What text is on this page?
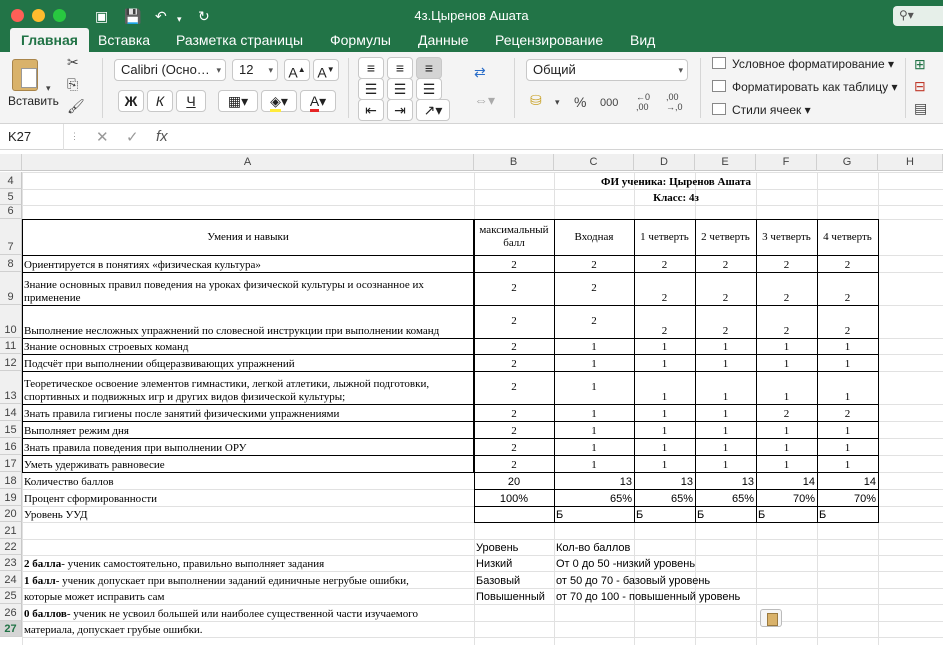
▣ 💾 ↶ ▾ ↻	4з.Цыренов Ашата	⚲▾
Главная	Вставка Разметка страницы Формулы Данные Рецензирование Вид
▾
Вставить
✂
⎘
🖌
Calibri (Осно… ▾	12 ▾	A▲ A▼
Ж	К	Ч	▦▾	◈▾	A▾
≡	≡	≡
☰	☰	☰
⇤	⇥	↗▾
⇄
⇔▾
Общий	▾
⛁ ▾ % 000 ←0
,00
,00
→,0
Условное форматирование ▾
Форматировать как таблицу ▾
Стили ячеек ▾
⊞
⊟
▤
K27	⋮ ✕ ✓ fx
A	B	C	D	E	F	G	H
4
5
6
7
8
9
10
11
12
13
14
15
16
17
18
19
20
21
22
23
24
25
26
27
ФИ ученика: Цыренов Ашата
Класс: 4з
Умения и навыки
максимальный балл
Входная	1 четверть	2 четверть	3 четверть	4 четверть
Ориентируется в понятиях «физическая культура»	2	2	2	2	2	2
Знание основных правил поведения на уроках физической культуры и осознанное их применение
2	2
2	2	2	2
Выполнение несложных упражнений по словесной инструкции при выполнении команд
2	2
2	2	2	2
Знание основных строевых команд	2	1	1	1	1	1
Подсчёт при выполнении общеразвивающих упражнений	2	1	1	1	1	1
Теоретическое освоение элементов гимнастики, легкой атлетики, лыжной подготовки, спортивных и подвижных игр и других видов физической культуры;
2	1
1	1	1	1
Знать правила гигиены после занятий физическими упражнениями	2	1	1	1	2	2
Выполняет режим дня	2	1	1	1	1	1
Знать правила поведения при выполнении ОРУ	2	1	1	1	1	1
Уметь удерживать равновесие	2	1	1	1	1	1
Количество баллов
Процент сформированности
Уровень УУД
20
100%
13
65%
Б
13
65%
Б
13
65%
Б
14
70%
Б
14
70%
Б
Уровень	Кол-во баллов
Низкий	От 0 до 50 -низкий уровень
Базовый	от 50 до 70 - базовый уровень
Повышенный	от 70 до 100 - повышенный уровень
2 балла - ученик самостоятельно, правильно выполняет задания
1 балл - ученик допускает при выполнении заданий единичные негрубые ошибки,
которые может исправить сам
0 баллов - ученик не усвоил большей или наиболее существенной части изучаемого
материала, допускает грубые ошибки.
